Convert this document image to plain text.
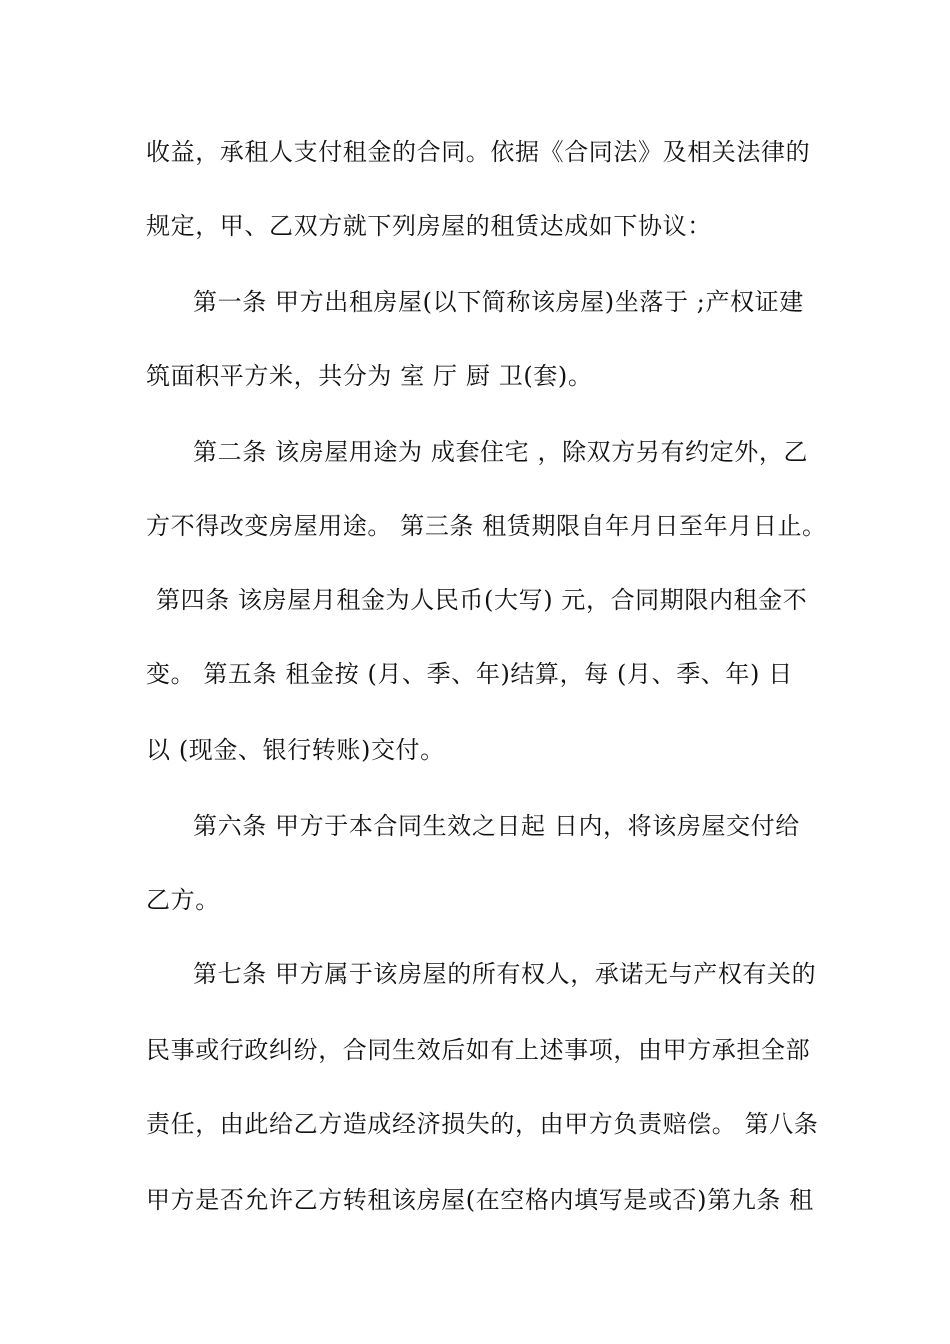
收益，承租人支付租金的合同。依据《合同法》及相关法律的
规定，甲、乙双方就下列房屋的租赁达成如下协议：
第一条 甲方出租房屋(以下简称该房屋)坐落于 ;产权证建
筑面积平方米，共分为 室 厅 厨 卫(套)。
第二条 该房屋用途为 成套住宅 ，除双方另有约定外，乙
方不得改变房屋用途。 第三条 租赁期限自年月日至年月日止。
第四条 该房屋月租金为人民币(大写) 元，合同期限内租金不
变。 第五条 租金按 (月、季、年)结算，每 (月、季、年) 日
以 (现金、银行转账)交付。
第六条 甲方于本合同生效之日起 日内，将该房屋交付给
乙方。
第七条 甲方属于该房屋的所有权人，承诺无与产权有关的
民事或行政纠纷，合同生效后如有上述事项，由甲方承担全部
责任，由此给乙方造成经济损失的，由甲方负责赔偿。 第八条
甲方是否允许乙方转租该房屋(在空格内填写是或否)第九条 租
